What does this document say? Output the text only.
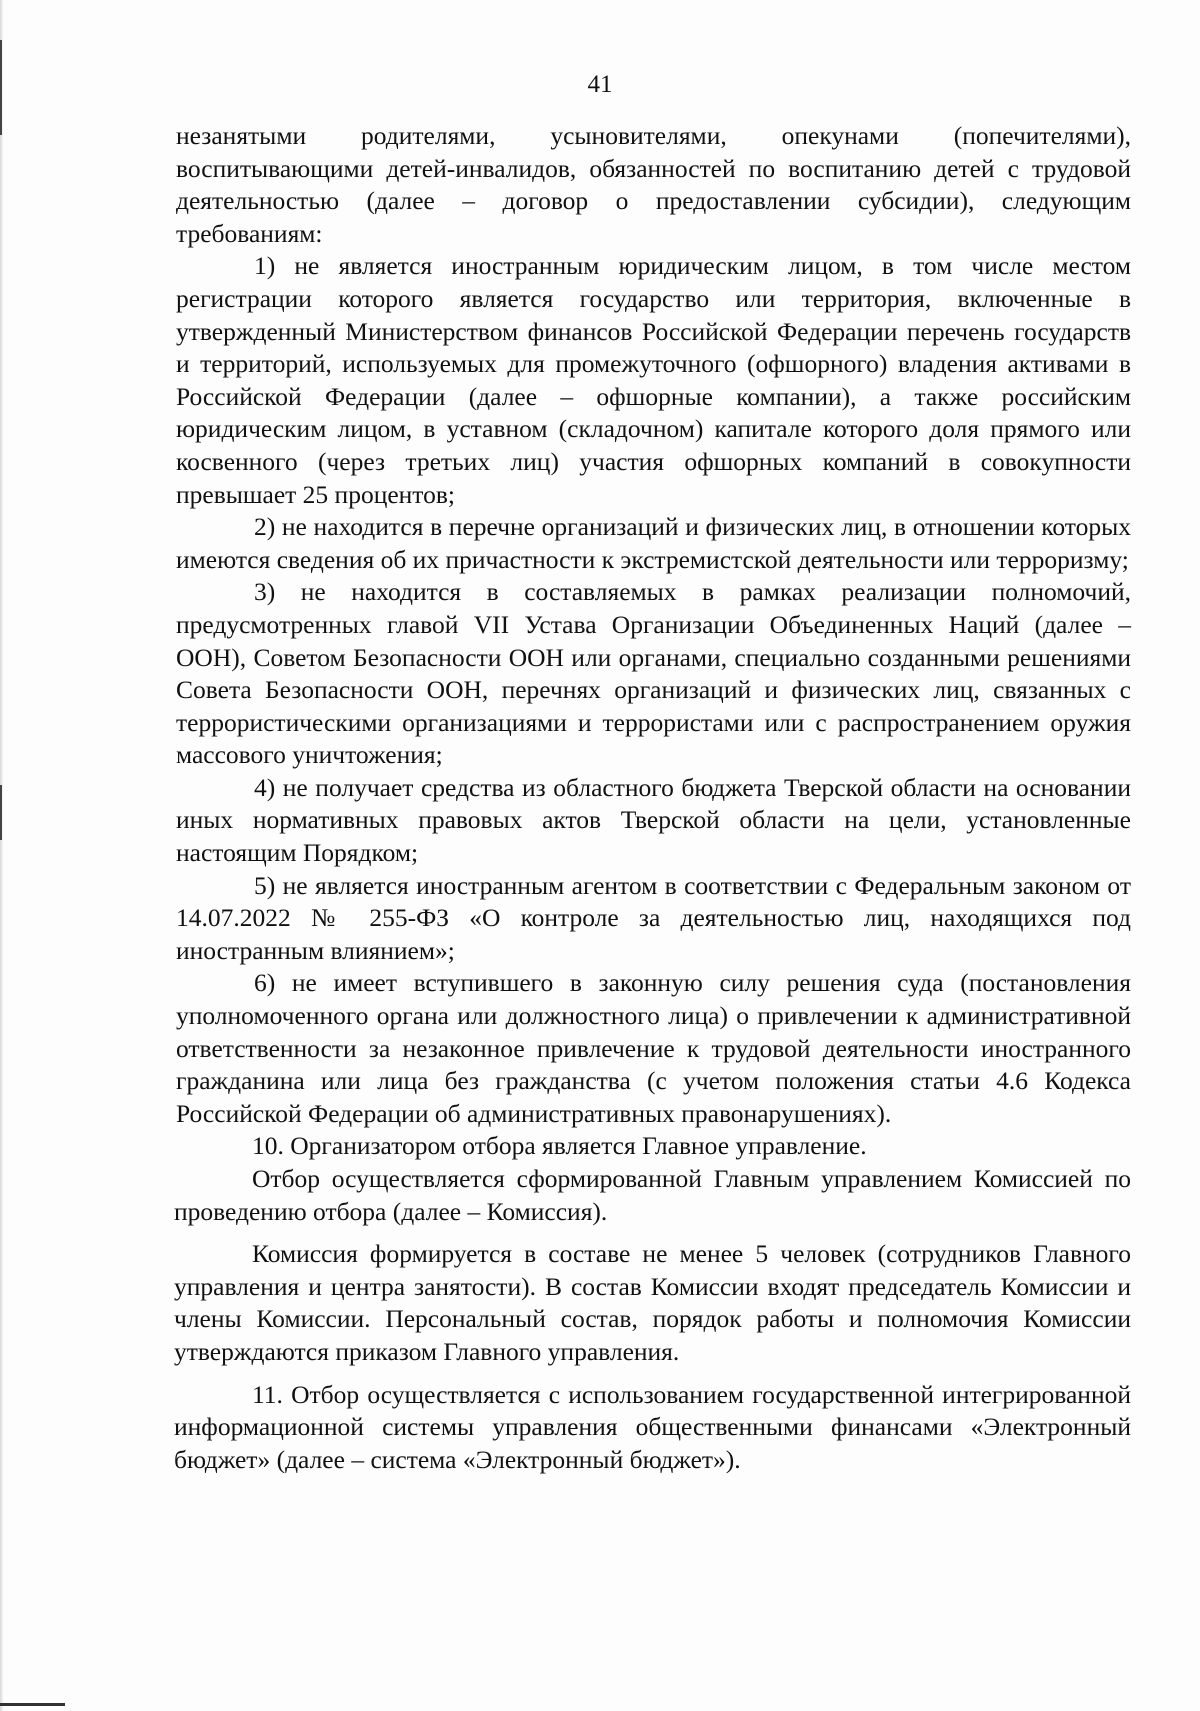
41

незанятыми родителями, усыновителями, опекунами (попечителями), воспитывающими детей-инвалидов, обязанностей по воспитанию детей с трудовой деятельностью (далее – договор о предоставлении субсидии), следующим требованиям:

1) не является иностранным юридическим лицом, в том числе местом регистрации которого является государство или территория, включенные в утвержденный Министерством финансов Российской Федерации перечень государств и территорий, используемых для промежуточного (офшорного) владения активами в Российской Федерации (далее – офшорные компании), а также российским юридическим лицом, в уставном (складочном) капитале которого доля прямого или косвенного (через третьих лиц) участия офшорных компаний в совокупности превышает 25 процентов;

2) не находится в перечне организаций и физических лиц, в отношении которых имеются сведения об их причастности к экстремистской деятельности или терроризму;

3) не находится в составляемых в рамках реализации полномочий, предусмотренных главой VII Устава Организации Объединенных Наций (далее – ООН), Советом Безопасности ООН или органами, специально созданными решениями Совета Безопасности ООН, перечнях организаций и физических лиц, связанных с террористическими организациями и террористами или с распространением оружия массового уничтожения;

4) не получает средства из областного бюджета Тверской области на основании иных нормативных правовых актов Тверской области на цели, установленные настоящим Порядком;

5) не является иностранным агентом в соответствии с Федеральным законом от 14.07.2022 № 255-ФЗ «О контроле за деятельностью лиц, находящихся под иностранным влиянием»;

6) не имеет вступившего в законную силу решения суда (постановления уполномоченного органа или должностного лица) о привлечении к административной ответственности за незаконное привлечение к трудовой деятельности иностранного гражданина или лица без гражданства (с учетом положения статьи 4.6 Кодекса Российской Федерации об административных правонарушениях).

10. Организатором отбора является Главное управление.

Отбор осуществляется сформированной Главным управлением Комиссией по проведению отбора (далее – Комиссия).

Комиссия формируется в составе не менее 5 человек (сотрудников Главного управления и центра занятости). В состав Комиссии входят председатель Комиссии и члены Комиссии. Персональный состав, порядок работы и полномочия Комиссии утверждаются приказом Главного управления.

11. Отбор осуществляется с использованием государственной интегрированной информационной системы управления общественными финансами «Электронный бюджет» (далее – система «Электронный бюджет»).
